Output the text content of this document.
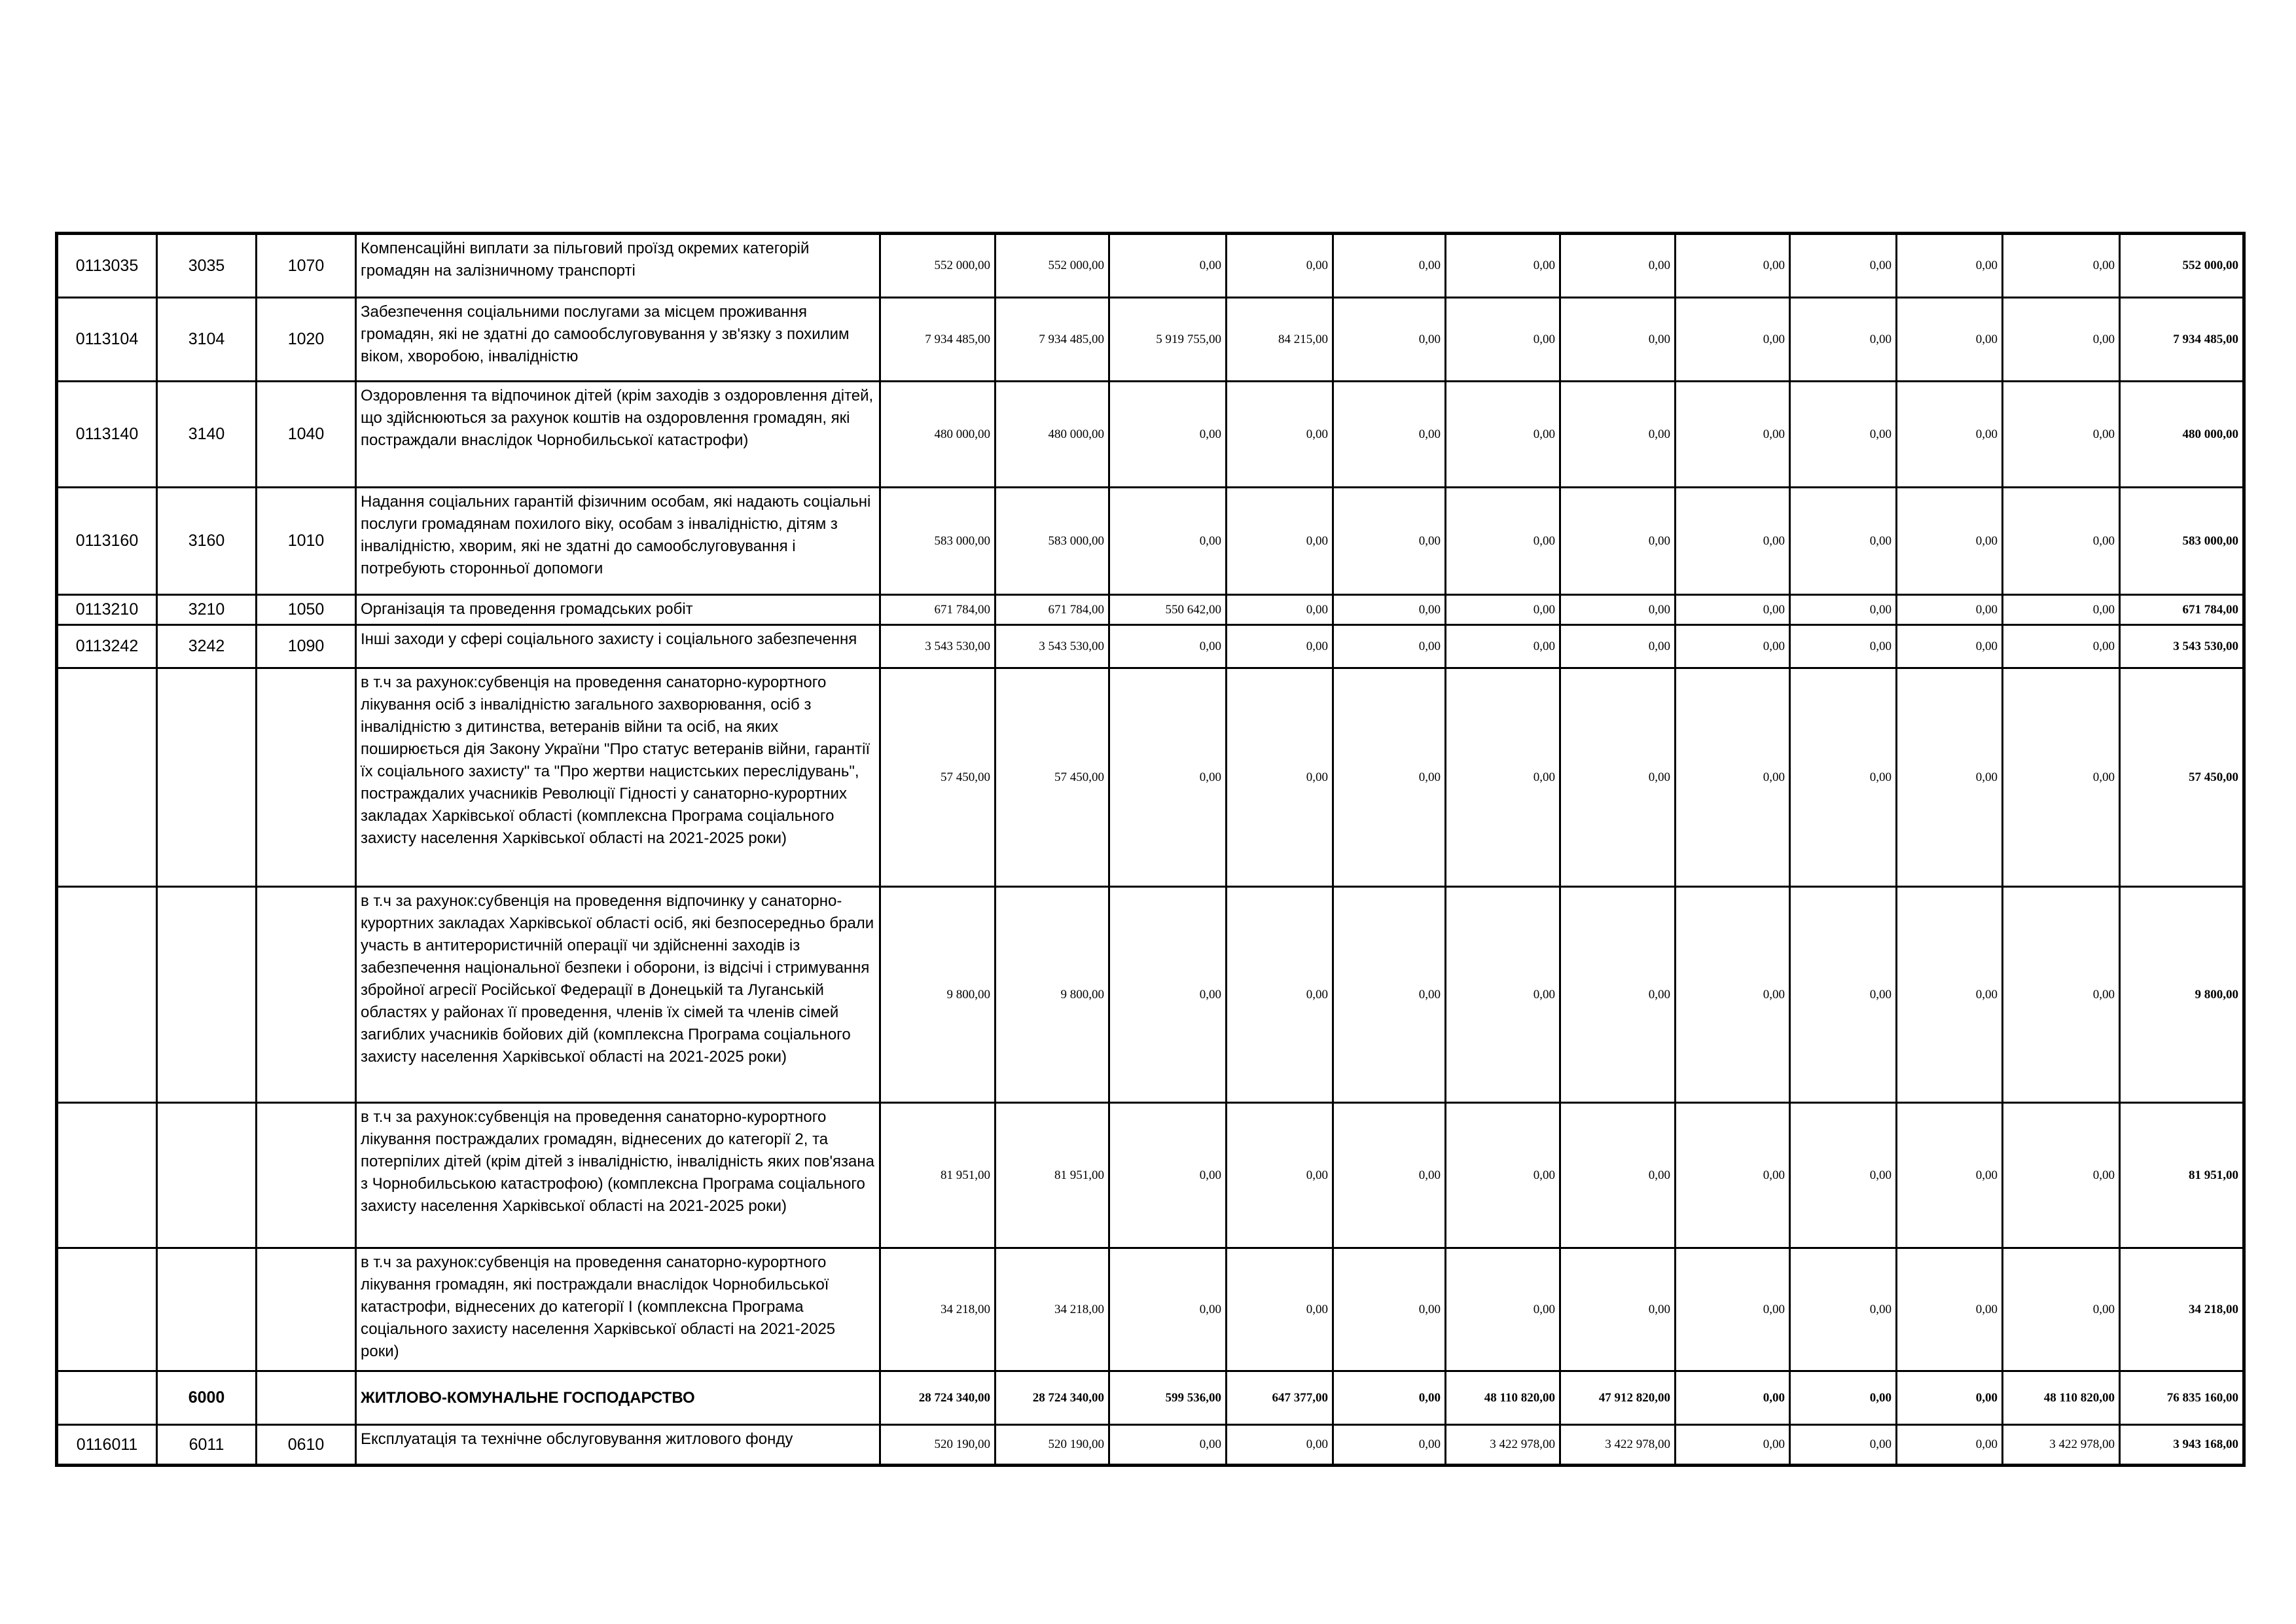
0113035	3035	1070	Компенсаційні виплати за пільговий проїзд окремих категорій громадян на залізничному транспорті	552 000,00	552 000,00	0,00	0,00	0,00	0,00	0,00	0,00	0,00	0,00	0,00	552 000,00
0113104	3104	1020	Забезпечення соціальними послугами за місцем проживання громадян, які не здатні до самообслуговування у зв'язку з похилим віком, хворобою, інвалідністю	7 934 485,00	7 934 485,00	5 919 755,00	84 215,00	0,00	0,00	0,00	0,00	0,00	0,00	0,00	7 934 485,00
0113140	3140	1040	Оздоровлення та відпочинок дітей (крім заходів з оздоровлення дітей, що здійснюються за рахунок коштів на оздоровлення громадян, які постраждали внаслідок Чорнобильської катастрофи)	480 000,00	480 000,00	0,00	0,00	0,00	0,00	0,00	0,00	0,00	0,00	0,00	480 000,00
0113160	3160	1010	Надання соціальних гарантій фізичним особам, які надають соціальні послуги громадянам похилого віку, особам з інвалідністю, дітям з інвалідністю, хворим, які не здатні до самообслуговування і потребують сторонньої допомоги	583 000,00	583 000,00	0,00	0,00	0,00	0,00	0,00	0,00	0,00	0,00	0,00	583 000,00
0113210	3210	1050	Організація та проведення громадських робіт	671 784,00	671 784,00	550 642,00	0,00	0,00	0,00	0,00	0,00	0,00	0,00	0,00	671 784,00
0113242	3242	1090	Інші заходи у сфері соціального захисту і соціального забезпечення	3 543 530,00	3 543 530,00	0,00	0,00	0,00	0,00	0,00	0,00	0,00	0,00	0,00	3 543 530,00
			в т.ч за рахунок:субвенція на проведення санаторно-курортного лікування осіб з інвалідністю загального захворювання, осіб з інвалідністю з дитинства, ветеранів війни та осіб, на яких поширюється дія Закону України "Про статус ветеранів війни, гарантії їх соціального захисту" та "Про жертви нацистських переслідувань", постраждалих учасників Революції Гідності у санаторно-курортних закладах Харківської області (комплексна Програма соціального захисту населення Харківської області на 2021-2025 роки)	57 450,00	57 450,00	0,00	0,00	0,00	0,00	0,00	0,00	0,00	0,00	0,00	57 450,00
			в т.ч за рахунок:субвенція на проведення відпочинку у санаторно-курортних закладах Харківської області осіб, які безпосередньо брали участь в антитерористичній операції чи здійсненні заходів із забезпечення національної безпеки і оборони, із відсічі і стримування збройної агресії Російської Федерації в Донецькій та Луганській областях у районах її проведення, членів їх сімей та членів сімей загиблих учасників бойових дій (комплексна Програма соціального захисту населення Харківської області на 2021-2025 роки)	9 800,00	9 800,00	0,00	0,00	0,00	0,00	0,00	0,00	0,00	0,00	0,00	9 800,00
			в т.ч за рахунок:субвенція на проведення санаторно-курортного лікування постраждалих громадян, віднесених до категорії 2, та потерпілих дітей (крім дітей з інвалідністю, інвалідність яких пов'язана з Чорнобильською катастрофою) (комплексна Програма соціального захисту населення Харківської області на 2021-2025 роки)	81 951,00	81 951,00	0,00	0,00	0,00	0,00	0,00	0,00	0,00	0,00	0,00	81 951,00
			в т.ч за рахунок:субвенція на проведення санаторно-курортного лікування громадян, які постраждали внаслідок Чорнобильської катастрофи, віднесених до категорії І (комплексна Програма соціального захисту населення Харківської області на 2021-2025 роки)	34 218,00	34 218,00	0,00	0,00	0,00	0,00	0,00	0,00	0,00	0,00	0,00	34 218,00
	6000		ЖИТЛОВО-КОМУНАЛЬНЕ ГОСПОДАРСТВО	28 724 340,00	28 724 340,00	599 536,00	647 377,00	0,00	48 110 820,00	47 912 820,00	0,00	0,00	0,00	48 110 820,00	76 835 160,00
0116011	6011	0610	Експлуатація та технічне обслуговування житлового фонду	520 190,00	520 190,00	0,00	0,00	0,00	3 422 978,00	3 422 978,00	0,00	0,00	0,00	3 422 978,00	3 943 168,00
